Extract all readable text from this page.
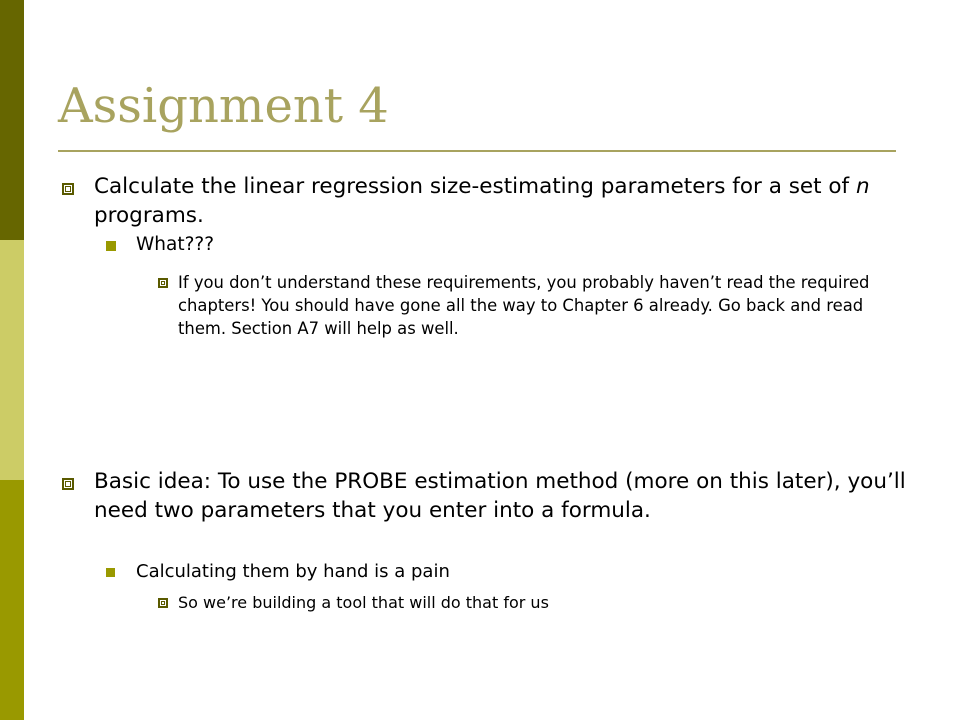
Assignment 4

Calculate the linear regression size-estimating parameters for a set of n programs.

What???

If you don’t understand these requirements, you probably haven’t read the required chapters! You should have gone all the way to Chapter 6 already. Go back and read them. Section A7 will help as well.

Basic idea: To use the PROBE estimation method (more on this later), you’ll need two parameters that you enter into a formula.

Calculating them by hand is a pain

So we’re building a tool that will do that for us
